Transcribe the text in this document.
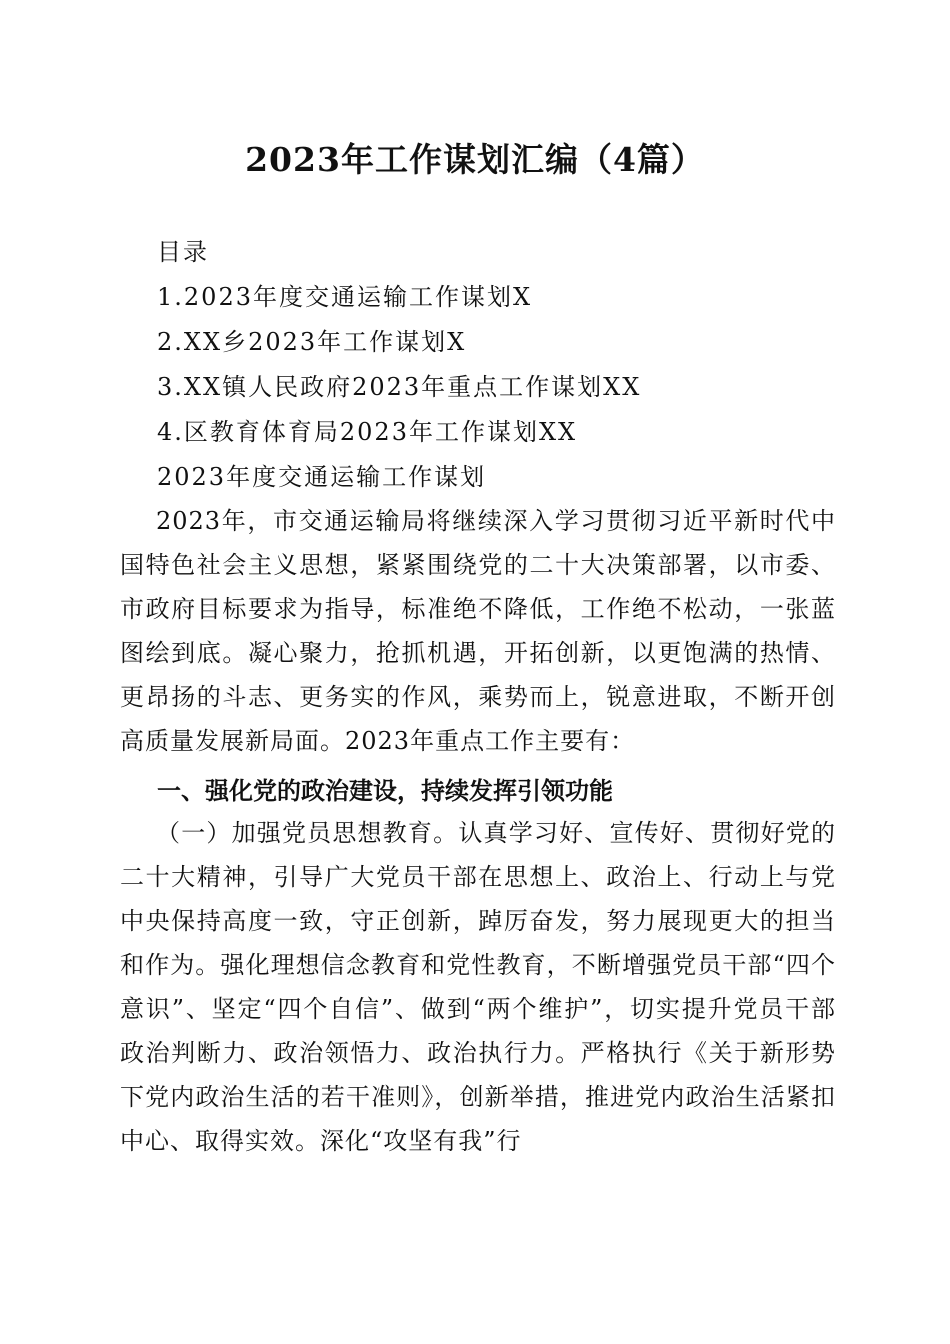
2023年工作谋划汇编（4篇）
目录
1.2023年度交通运输工作谋划X
2.XX乡2023年工作谋划X
3.XX镇人民政府2023年重点工作谋划XX
4.区教育体育局2023年工作谋划XX
2023年度交通运输工作谋划
2023年，市交通运输局将继续深入学习贯彻习近平新时代中国特色社会主义思想，紧紧围绕党的二十大决策部署，以市委、市政府目标要求为指导，标准绝不降低，工作绝不松动，一张蓝图绘到底。凝心聚力，抢抓机遇，开拓创新，以更饱满的热情、更昂扬的斗志、更务实的作风，乘势而上，锐意进取，不断开创高质量发展新局面。2023年重点工作主要有：
一、强化党的政治建设，持续发挥引领功能
（一）加强党员思想教育。认真学习好、宣传好、贯彻好党的二十大精神，引导广大党员干部在思想上、政治上、行动上与党中央保持高度一致，守正创新，踔厉奋发，努力展现更大的担当和作为。强化理想信念教育和党性教育，不断增强党员干部“四个意识”、坚定“四个自信”、做到“两个维护”，切实提升党员干部政治判断力、政治领悟力、政治执行力。严格执行《关于新形势下党内政治生活的若干准则》，创新举措，推进党内政治生活紧扣中心、取得实效。深化“攻坚有我”行
